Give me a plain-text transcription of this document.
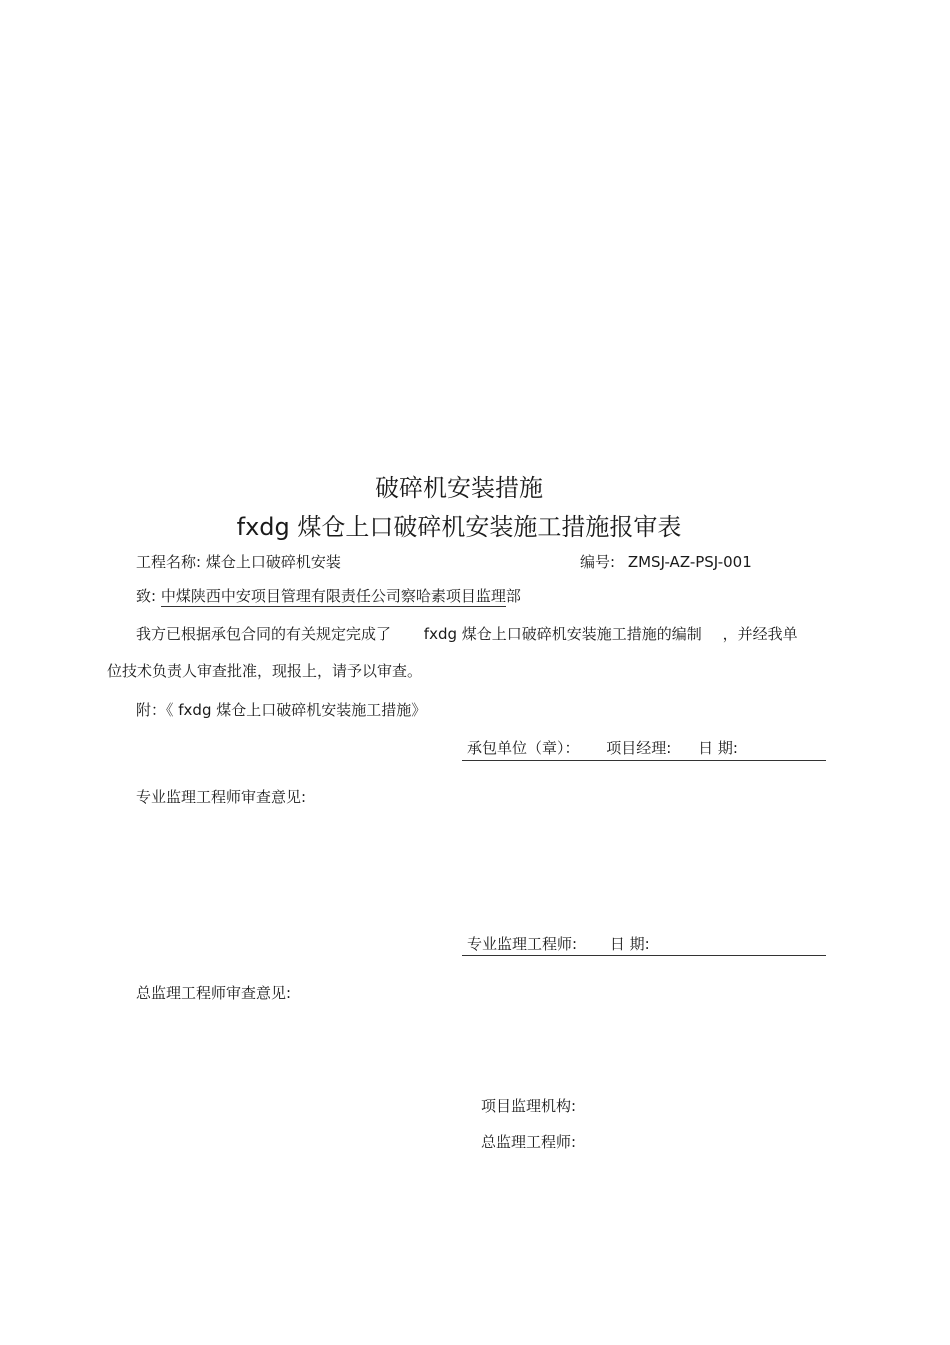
破碎机安装措施
fxdg 煤仓上口破碎机安装施工措施报审表
工程名称: 煤仓上口破碎机安装	编号: ZMSJ-AZ-PSJ-001
致: 中煤陕西中安项目管理有限责任公司察哈素项目监理部
我方已根据承包合同的有关规定完成了 fxdg 煤仓上口破碎机安装施工措施的编制 ，并经我单
位技术负责人审查批准，现报上，请予以审查。
附：《 fxdg 煤仓上口破碎机安装施工措施》
承包单位（章）： 项目经理: 日 期:
专业监理工程师审查意见:
专业监理工程师: 日 期:
总监理工程师审查意见:
项目监理机构:
总监理工程师:
